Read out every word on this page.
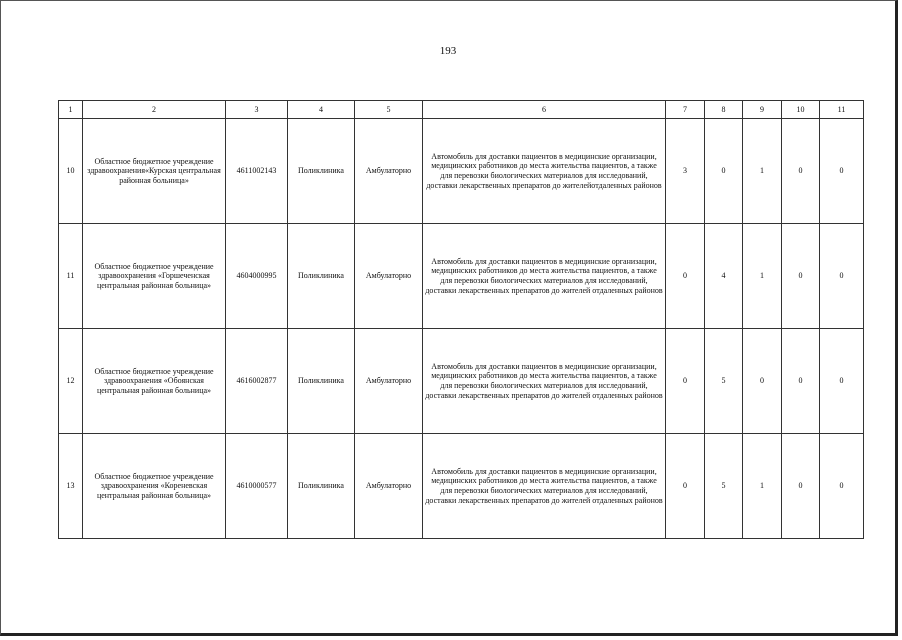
193
1	2	3	4	5	6	7	8	9	10	11
10	Областное бюджетное учреждение здравоохранения«Курская центральная районная больница»	4611002143	Поликлиника	Амбулаторно	Автомобиль для доставки пациентов в медицинские организации, медицинских работников до места жительства пациентов, а также для перевозки биологических материалов для исследований, доставки лекарственных препаратов до жителейотдаленных районов	3	0	1	0	0
11	Областное бюджетное учреждение здравоохранения «Горшеченская центральная районная больница»	4604000995	Поликлиника	Амбулаторно	Автомобиль для доставки пациентов в медицинские организации, медицинских работников до места жительства пациентов, а также для перевозки биологических материалов для исследований, доставки лекарственных препаратов до жителей отдаленных районов	0	4	1	0	0
12	Областное бюджетное учреждение здравоохранения «Обоянская центральная районная больница»	4616002877	Поликлиника	Амбулаторно	Автомобиль для доставки пациентов в медицинские организации, медицинских работников до места жительства пациентов, а также для перевозки биологических материалов для исследований, доставки лекарственных препаратов до жителей отдаленных районов	0	5	0	0	0
13	Областное бюджетное учреждение здравоохранения «Кореневская центральная районная больница»	4610000577	Поликлиника	Амбулаторно	Автомобиль для доставки пациентов в медицинские организации, медицинских работников до места жительства пациентов, а также для перевозки биологических материалов для исследований, доставки лекарственных препаратов до жителей отдаленных районов	0	5	1	0	0
